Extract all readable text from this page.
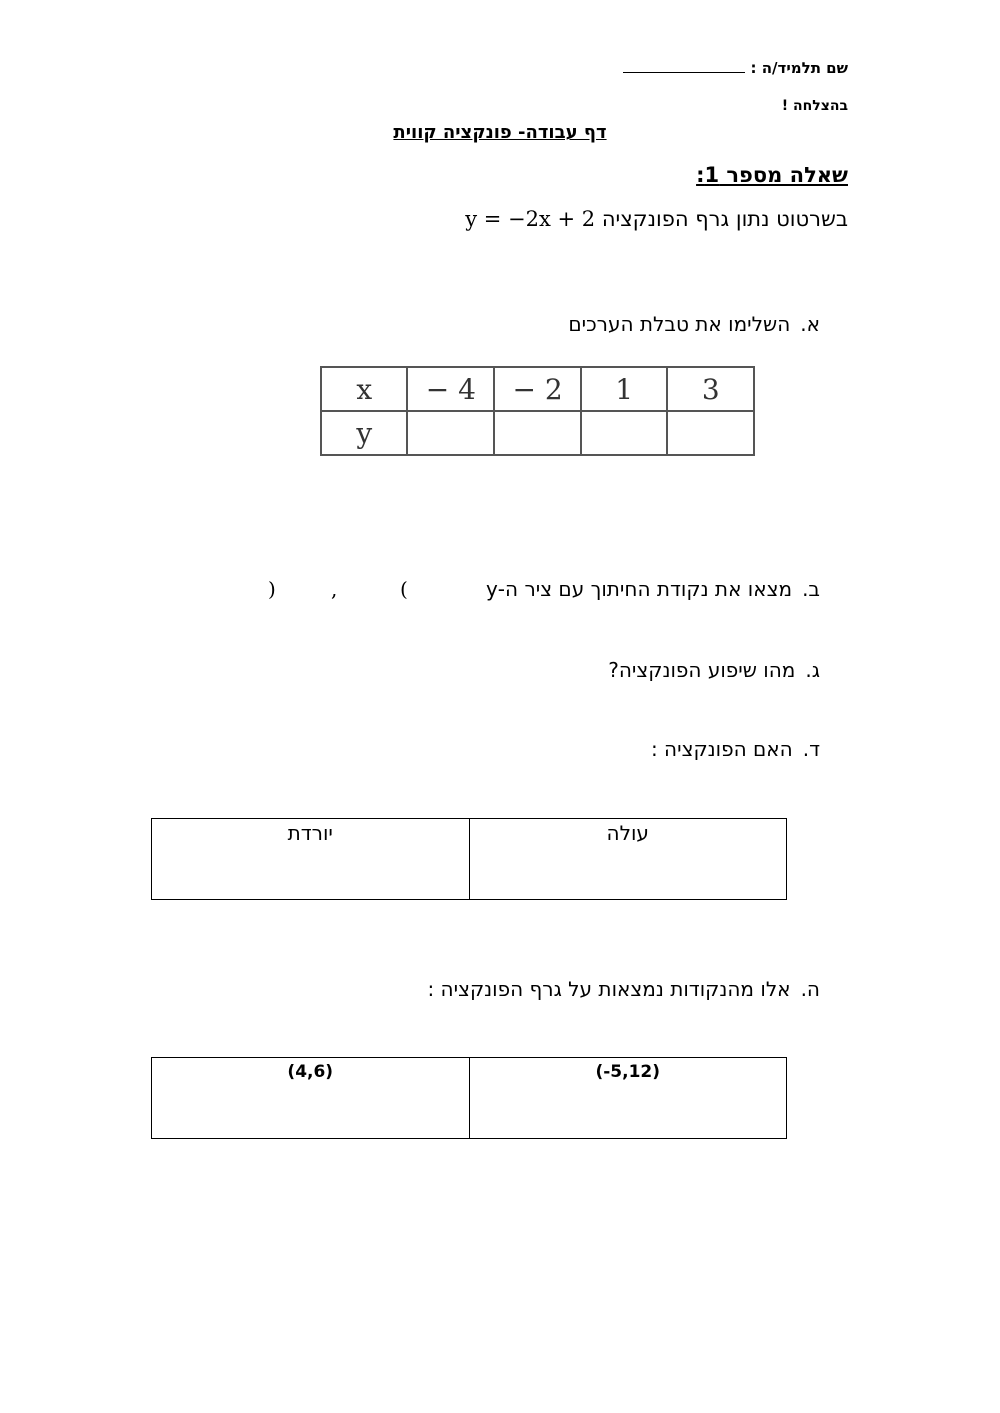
שם תלמיד/ה :
בהצלחה !
דף עבודה- פונקציה קווית
שאלה מספר 1:
בשרטוט נתון גרף הפונקציה y = −2x + 2
א.השלימו את טבלת הערכים
x	− 4	− 2	1	3
y				
ב.מצאו את נקודת החיתוך עם ציר ה-y
(
,
)
ג.מהו שיפוע הפונקציה?
ד.האם הפונקציה :
יורדת	עולה
ה.אלו מהנקודות נמצאות על גרף הפונקציה :
(4,6)	(-5,12)
